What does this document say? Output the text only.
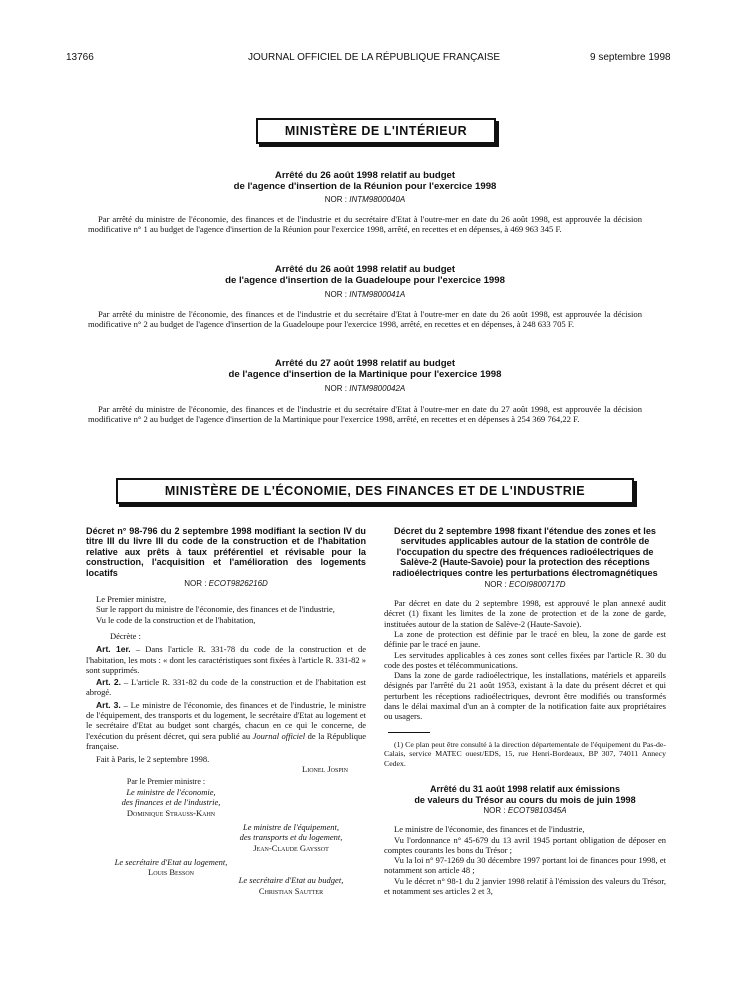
13766	JOURNAL OFFICIEL DE LA RÉPUBLIQUE FRANÇAISE	9 septembre 1998
MINISTÈRE DE L'INTÉRIEUR
Arrêté du 26 août 1998 relatif au budget
de l'agence d'insertion de la Réunion pour l'exercice 1998
NOR : INTM9800040A
Par arrêté du ministre de l'économie, des finances et de l'industrie et du secrétaire d'Etat à l'outre-mer en date du 26 août 1998, est approuvée la décision modificative n° 1 au budget de l'agence d'insertion de la Réunion pour l'exercice 1998, arrêté, en recettes et en dépenses, à 469 963 345 F.
Arrêté du 26 août 1998 relatif au budget
de l'agence d'insertion de la Guadeloupe pour l'exercice 1998
NOR : INTM9800041A
Par arrêté du ministre de l'économie, des finances et de l'industrie et du secrétaire d'Etat à l'outre-mer en date du 26 août 1998, est approuvée la décision modificative n° 2 au budget de l'agence d'insertion de la Guadeloupe pour l'exercice 1998, arrêté, en recettes et en dépenses, à 248 633 705 F.
Arrêté du 27 août 1998 relatif au budget
de l'agence d'insertion de la Martinique pour l'exercice 1998
NOR : INTM9800042A
Par arrêté du ministre de l'économie, des finances et de l'industrie et du secrétaire d'Etat à l'outre-mer en date du 27 août 1998, est approuvée la décision modificative n° 2 au budget de l'agence d'insertion de la Martinique pour l'exercice 1998, arrêté, en recettes et en dépenses à 254 369 764,22 F.
MINISTÈRE DE L'ÉCONOMIE, DES FINANCES ET DE L'INDUSTRIE
Décret n° 98-796 du 2 septembre 1998 modifiant la section IV du titre III du livre III du code de la construction et de l'habitation relative aux prêts à taux préférentiel et révisable pour la construction, l'acquisition et l'amélioration des logements locatifs
NOR : ECOT9826216D

Le Premier ministre,

Sur le rapport du ministre de l'économie, des finances et de l'industrie,

Vu le code de la construction et de l'habitation,

Décrète :

Art. 1er. – Dans l'article R. 331-78 du code de la construction et de l'habitation, les mots : « dont les caractéristiques sont fixées à l'article R. 331-82 » sont supprimés.

Art. 2. – L'article R. 331-82 du code de la construction et de l'habitation est abrogé.

Art. 3. – Le ministre de l'économie, des finances et de l'industrie, le ministre de l'équipement, des transports et du logement, le secrétaire d'Etat au logement et le secrétaire d'Etat au budget sont chargés, chacun en ce qui le concerne, de l'exécution du présent décret, qui sera publié au Journal officiel de la République française.

Fait à Paris, le 2 septembre 1998.

Lionel Jospin
Par le Premier ministre :
Le ministre de l'économie,
des finances et de l'industrie,
Dominique Strauss-Kahn
Le ministre de l'équipement,
des transports et du logement,
Jean-Claude Gayssot
Le secrétaire d'Etat au logement,
Louis Besson
Le secrétaire d'Etat au budget,
Christian Sautter
Décret du 2 septembre 1998 fixant l'étendue des zones et les servitudes applicables autour de la station de contrôle de l'occupation du spectre des fréquences radioélectriques de Salève-2 (Haute-Savoie) pour la protection des réceptions radioélectriques contre les perturbations électromagnétiques
NOR : ECOI9800717D

Par décret en date du 2 septembre 1998, est approuvé le plan annexé audit décret (1) fixant les limites de la zone de protection et de la zone de garde, instituées autour de la station de Salève-2 (Haute-Savoie).

La zone de protection est définie par le tracé en bleu, la zone de garde est définie par le tracé en jaune.

Les servitudes applicables à ces zones sont celles fixées par l'article R. 30 du code des postes et télécommunications.

Dans la zone de garde radioélectrique, les installations, matériels et appareils désignés par l'arrêté du 21 août 1953, existant à la date du présent décret et qui perturbent les réceptions radioélectriques, devront être modifiés ou transformés dans le délai maximal d'un an à compter de la notification faite aux propriétaires ou usagers.

(1) Ce plan peut être consulté à la direction départementale de l'équipement du Pas-de-Calais, service MATEC ouest/EDS, 15, rue Henri-Bordeaux, BP 307, 74011 Annecy Cedex.

Arrêté du 31 août 1998 relatif aux émissions
de valeurs du Trésor au cours du mois de juin 1998
NOR : ECOT9810345A

Le ministre de l'économie, des finances et de l'industrie,

Vu l'ordonnance n° 45-679 du 13 avril 1945 portant obligation de déposer en comptes courants les bons du Trésor ;

Vu la loi n° 97-1269 du 30 décembre 1997 portant loi de finances pour 1998, et notamment son article 48 ;

Vu le décret n° 98-1 du 2 janvier 1998 relatif à l'émission des valeurs du Trésor, et notamment ses articles 2 et 3,
